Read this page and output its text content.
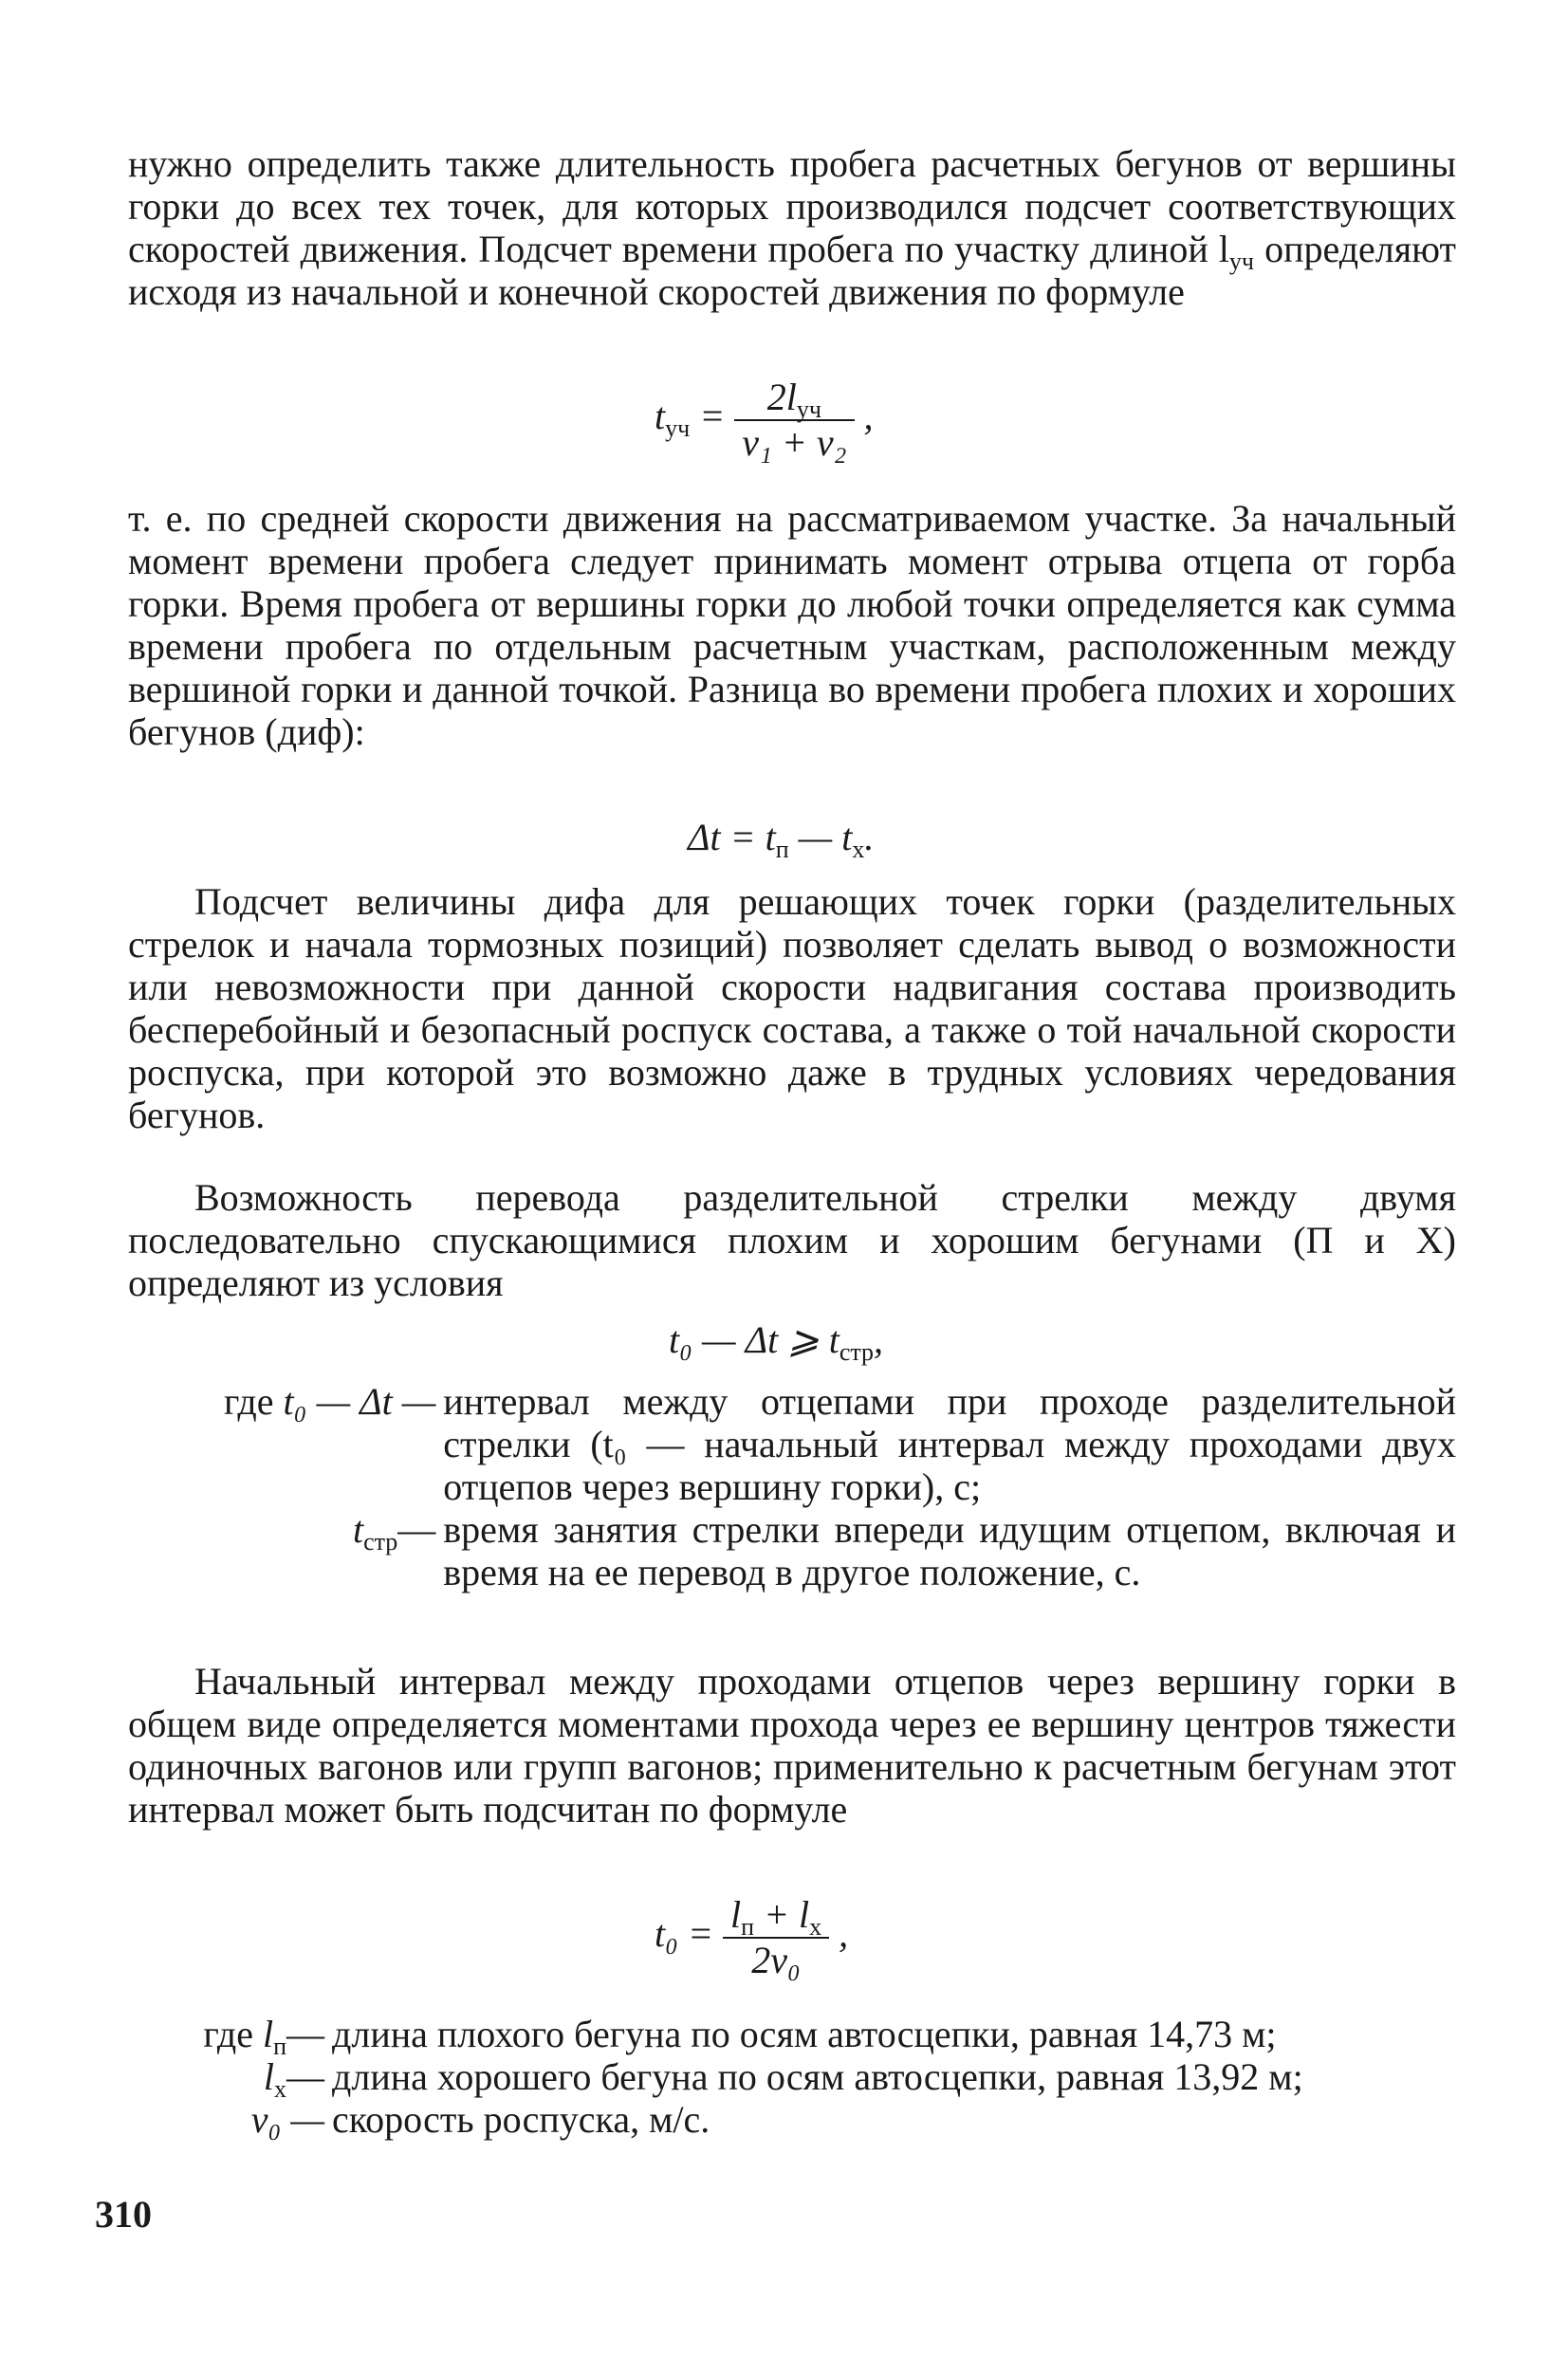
нужно определить также длительность пробега расчетных бегунов от вершины горки до всех тех точек, для которых производился подсчет соответствующих скоростей движения. Подсчет времени пробега по участку длиной $l_{уч}$ определяют исходя из начальной и конечной скоростей движения по формуле

$t_{уч} = \frac{2l_{уч}}{\text{v₁ + v₂}}$ ,

т. е. по средней скорости движения на рассматриваемом участке. За начальный момент времени пробега следует принимать момент отрыва отцепа от горба горки. Время пробега от вершины горки до любой точки определяется как сумма времени пробега по отдельным расчетным участкам, расположенным между вершиной горки и данной точкой. Разница во времени пробега плохих и хороших бегунов (диф):

$\Delta t = t_п$ — $t_х$.

Подсчет величины дифа для решающих точек горки (разделительных стрелок и начала тормозных позиций) позволяет сделать вывод о возможности или невозможности при данной скорости надвигания состава производить бесперебойный и безопасный роспуск состава, а также о той начальной скорости роспуска, при которой это возможно даже в трудных условиях чередования бегунов.

Возможность перевода разделительной стрелки между двумя последовательно спускающимися плохим и хорошим бегунами (П и Х) определяют из условия

t₀ — Δt ⩾ $t_{стр}$,
где t₀ — Δt — интервал между отцепами при проходе разделительной стрелки (t₀ — начальный интервал между проходами двух отцепов через вершину горки), с;
$t_{стр}—$ время занятия стрелки впереди идущим отцепом, включая и время на ее перевод в другое положение, с.

Начальный интервал между проходами отцепов через вершину горки в общем виде определяется моментами прохода через ее вершину центров тяжести одиночных вагонов или групп вагонов; применительно к расчетным бегунам этот интервал может быть подсчитан по формуле

$t_0 = \frac{l_п + l_х}{\text{2v₀}}$ ,
где $l_п—$ длина плохого бегуна по осям автосцепки, равная 14,73 м;
$l_х—$ длина хорошего бегуна по осям автосцепки, равная 13,92 м;
v₀ — скорость роспуска, м/с.
310
